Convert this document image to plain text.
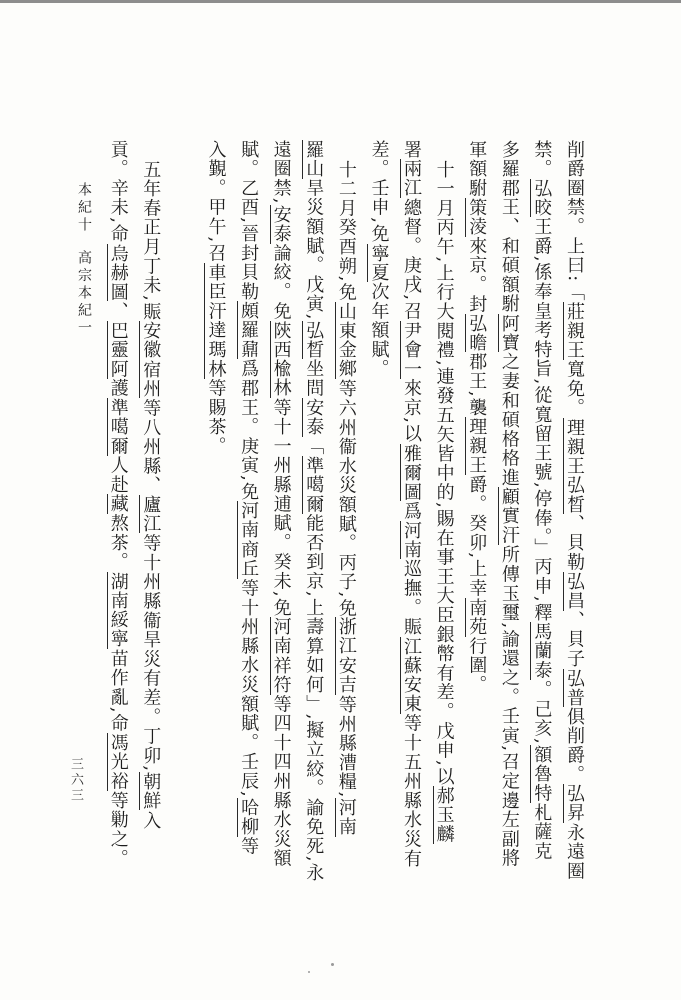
削爵圈禁。上曰:「莊親王寬免。理親王弘晳、貝勒弘昌、貝子弘普俱削爵。弘昇永遠圈
禁。弘晈王爵,係奉皇考特旨,從寬留王號,停俸。」丙申,釋馬蘭泰。己亥,額魯特札薩克
多羅郡王、和碩額駙阿寶之妻和碩格格進顧實汗所傳玉璽,諭還之。壬寅,召定邊左副將
軍額駙策淩來京。封弘曕郡王,襲理親王爵。癸卯,上幸南苑行圍。
十一月丙午,上行大閱禮,連發五矢皆中的,賜在事王大臣銀幣有差。戊申,以郝玉麟
署兩江總督。庚戌,召尹會一來京,以雅爾圖爲河南巡撫。賑江蘇安東等十五州縣水災有
差。壬申,免寧夏次年額賦。
十二月癸酉朔,免山東金鄉等六州衞水災額賦。丙子,免浙江安吉等州縣漕糧,河南
羅山旱災額賦。戊寅,弘晳坐問安泰「準噶爾能否到京,上壽算如何」,擬立絞。諭免死,永
遠圈禁,安泰論絞。免陝西楡林等十一州縣逋賦。癸未,免河南祥符等四十四州縣水災額
賦。乙酉,晉封貝勒頗羅鼐爲郡王。庚寅,免河南商丘等十州縣水災額賦。壬辰,哈柳等
入覲。甲午,召車臣汗達瑪林等賜茶。
五年春正月丁未,賑安徽宿州等八州縣、廬江等十州縣衞旱災有差。丁卯,朝鮮入
貢。辛未,命烏赫圖、巴靈阿護準噶爾人赴藏熬茶。湖南綏寧苗作亂,命馮光裕等勦之。
本紀十高宗本紀一
三六三
